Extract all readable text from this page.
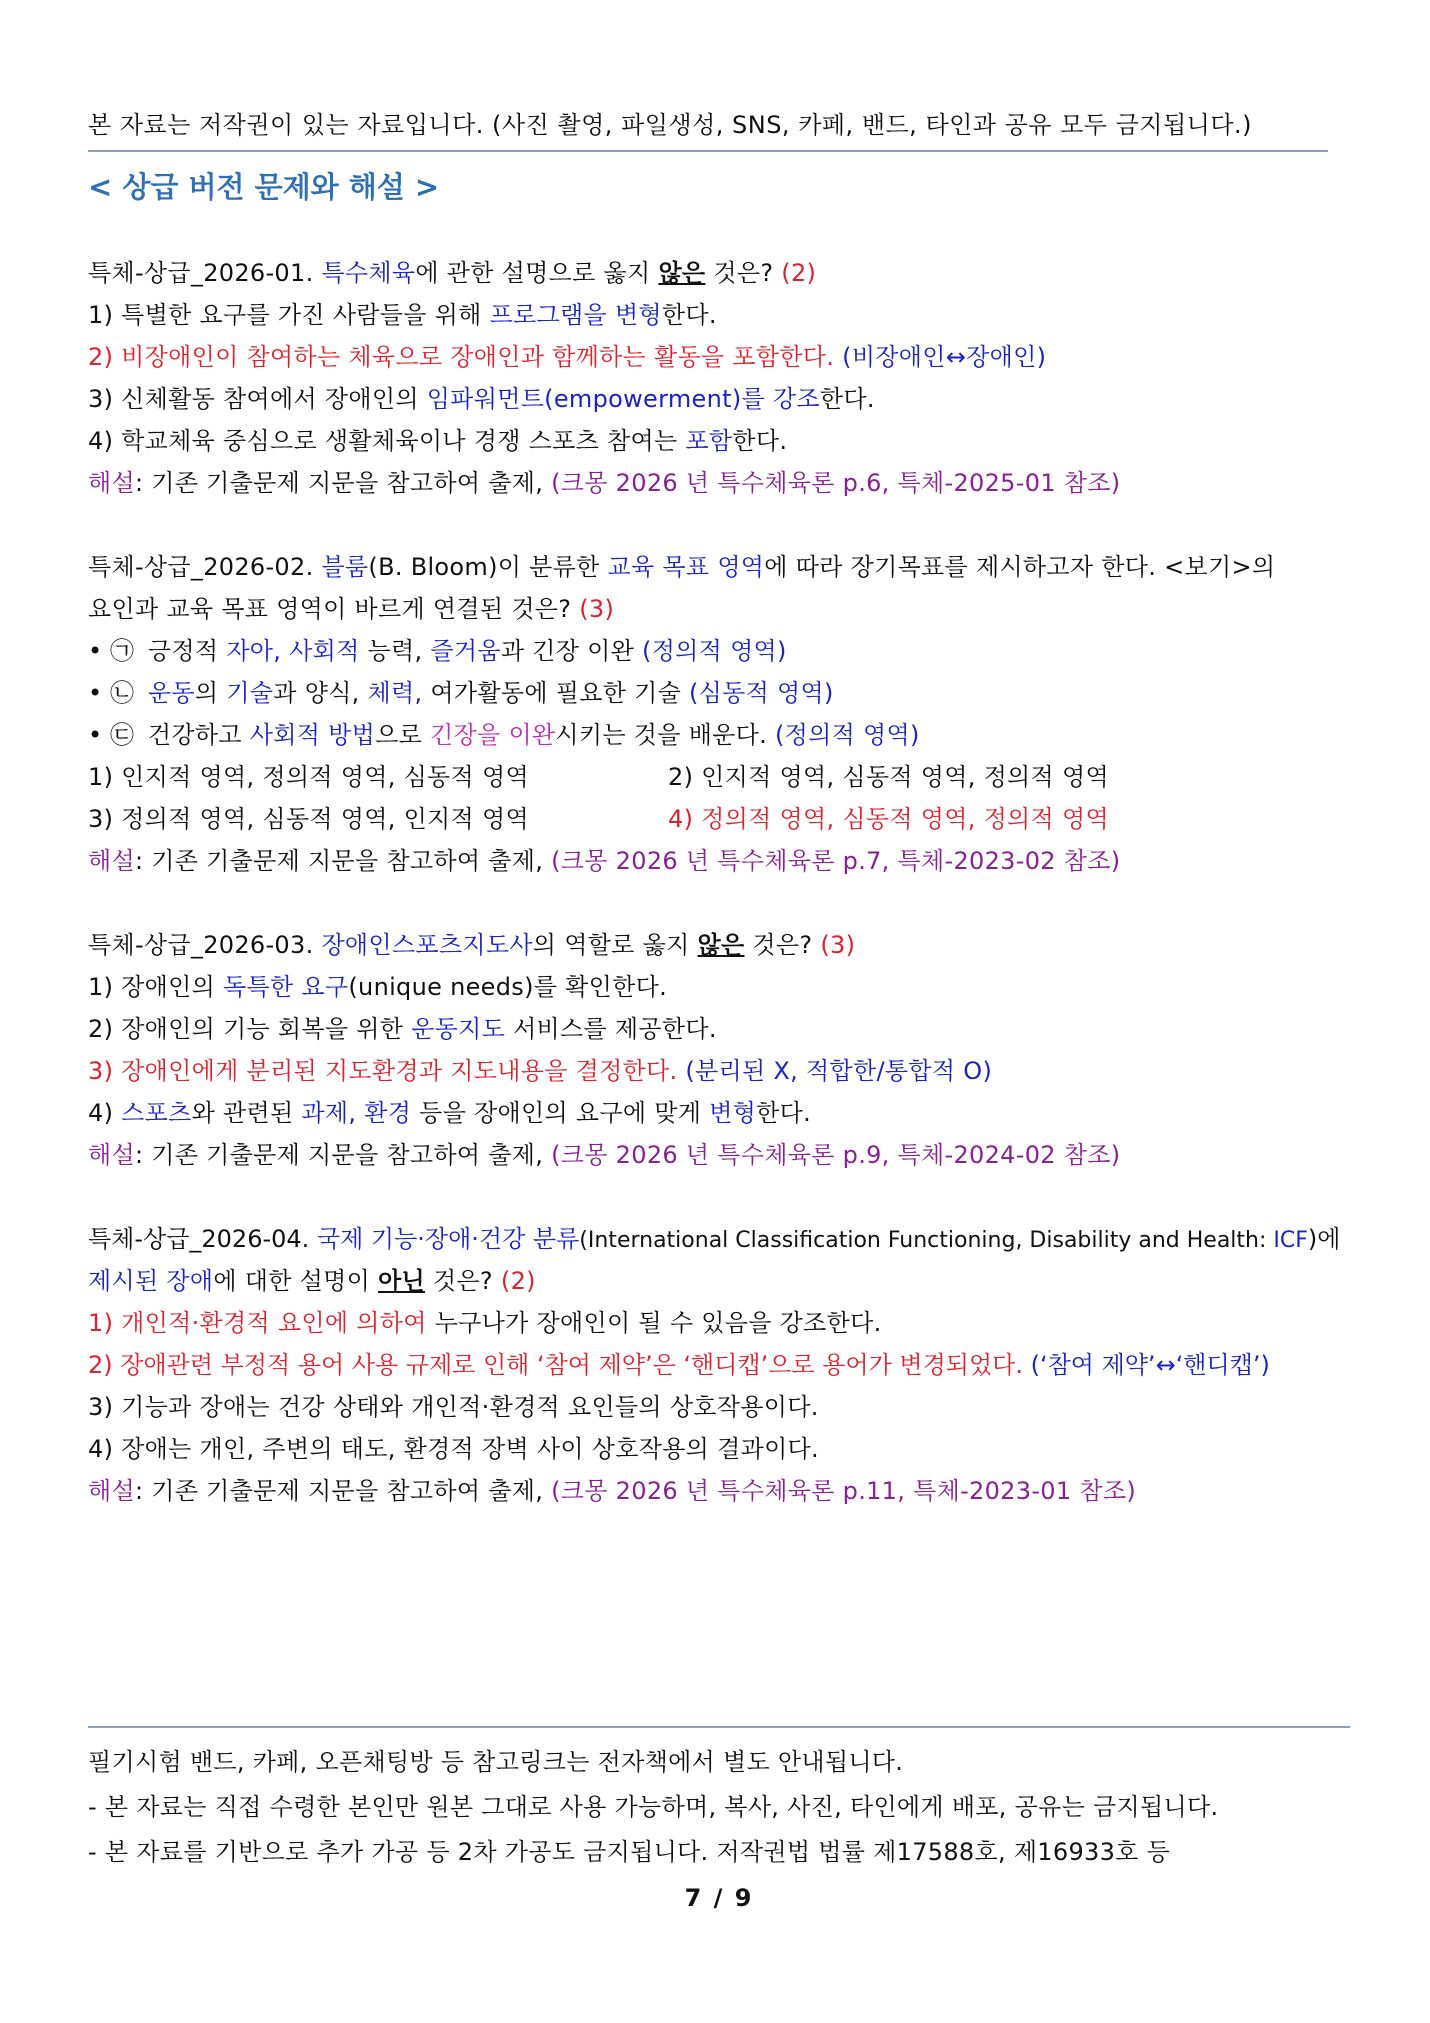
본 자료는 저작권이 있는 자료입니다. (사진 촬영, 파일생성, SNS, 카페, 밴드, 타인과 공유 모두 금지됩니다.)
< 상급 버전 문제와 해설 >
특체-상급_2026-01. 특수체육에 관한 설명으로 옳지 않은 것은? (2)
1) 특별한 요구를 가진 사람들을 위해 프로그램을 변형한다.
2) 비장애인이 참여하는 체육으로 장애인과 함께하는 활동을 포함한다. (비장애인↔장애인)
3) 신체활동 참여에서 장애인의 임파워먼트(empowerment)를 강조한다.
4) 학교체육 중심으로 생활체육이나 경쟁 스포츠 참여는 포함한다.
해설: 기존 기출문제 지문을 참고하여 출제, (크몽 2026 년 특수체육론 p.6, 특체-2025-01 참조)
특체-상급_2026-02. 블룸(B. Bloom)이 분류한 교육 목표 영역에 따라 장기목표를 제시하고자 한다. <보기>의
요인과 교육 목표 영역이 바르게 연결된 것은? (3)
• ㉠ 긍정적 자아, 사회적 능력, 즐거움과 긴장 이완 (정의적 영역)
• ㉡ 운동의 기술과 양식, 체력, 여가활동에 필요한 기술 (심동적 영역)
• ㉢ 건강하고 사회적 방법으로 긴장을 이완시키는 것을 배운다. (정의적 영역)
1) 인지적 영역, 정의적 영역, 심동적 영역	2) 인지적 영역, 심동적 영역, 정의적 영역
3) 정의적 영역, 심동적 영역, 인지적 영역	4) 정의적 영역, 심동적 영역, 정의적 영역
해설: 기존 기출문제 지문을 참고하여 출제, (크몽 2026 년 특수체육론 p.7, 특체-2023-02 참조)
특체-상급_2026-03. 장애인스포츠지도사의 역할로 옳지 않은 것은? (3)
1) 장애인의 독특한 요구(unique needs)를 확인한다.
2) 장애인의 기능 회복을 위한 운동지도 서비스를 제공한다.
3) 장애인에게 분리된 지도환경과 지도내용을 결정한다. (분리된 X, 적합한/통합적 O)
4) 스포츠와 관련된 과제, 환경 등을 장애인의 요구에 맞게 변형한다.
해설: 기존 기출문제 지문을 참고하여 출제, (크몽 2026 년 특수체육론 p.9, 특체-2024-02 참조)
특체-상급_2026-04. 국제 기능·장애·건강 분류(International Classification Functioning, Disability and Health: ICF)에
제시된 장애에 대한 설명이 아닌 것은? (2)
1) 개인적·환경적 요인에 의하여 누구나가 장애인이 될 수 있음을 강조한다.
2) 장애관련 부정적 용어 사용 규제로 인해 ‘참여 제약’은 ‘핸디캡’으로 용어가 변경되었다. (‘참여 제약’↔‘핸디캡’)
3) 기능과 장애는 건강 상태와 개인적·환경적 요인들의 상호작용이다.
4) 장애는 개인, 주변의 태도, 환경적 장벽 사이 상호작용의 결과이다.
해설: 기존 기출문제 지문을 참고하여 출제, (크몽 2026 년 특수체육론 p.11, 특체-2023-01 참조)
필기시험 밴드, 카페, 오픈채팅방 등 참고링크는 전자책에서 별도 안내됩니다.
- 본 자료는 직접 수령한 본인만 원본 그대로 사용 가능하며, 복사, 사진, 타인에게 배포, 공유는 금지됩니다.
- 본 자료를 기반으로 추가 가공 등 2차 가공도 금지됩니다. 저작권법 법률 제17588호, 제16933호 등
7 / 9
